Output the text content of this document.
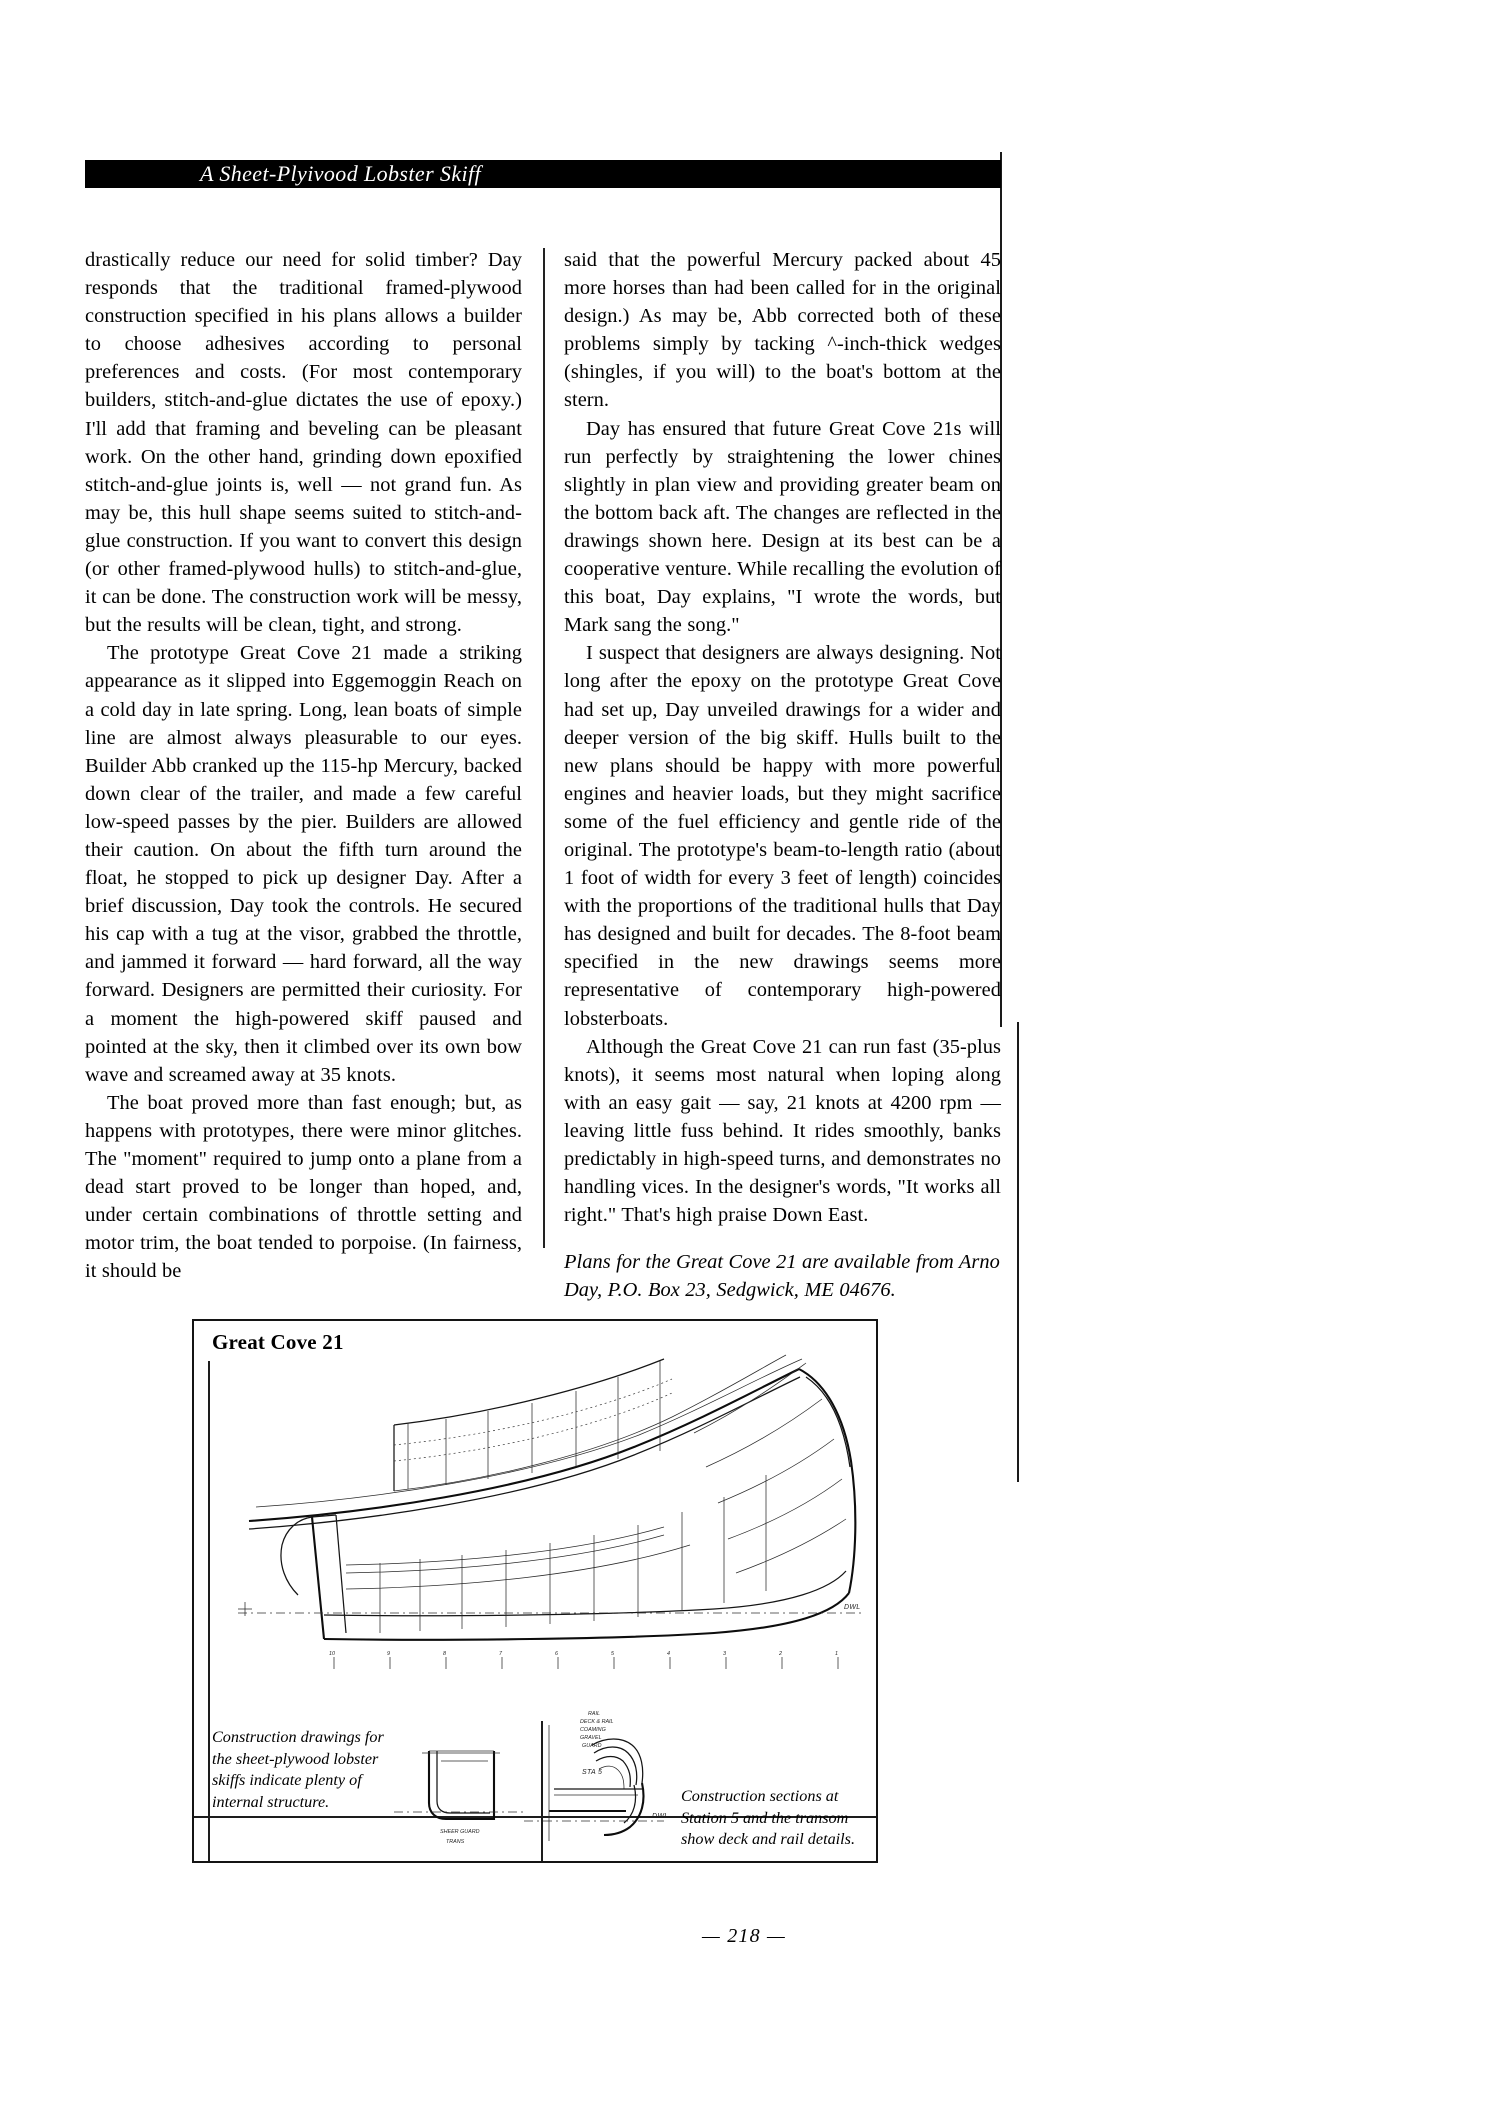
A Sheet-Plyivood Lobster Skiff

drastically reduce our need for solid timber? Day responds that the traditional framed-plywood construction specified in his plans allows a builder to choose adhesives according to personal preferences and costs. (For most contemporary builders, stitch-and-glue dictates the use of epoxy.) I'll add that framing and beveling can be pleasant work. On the other hand, grinding down epoxified stitch-and-glue joints is, well — not grand fun. As may be, this hull shape seems suited to stitch-and-glue construction. If you want to convert this design (or other framed-plywood hulls) to stitch-and-glue, it can be done. The construction work will be messy, but the results will be clean, tight, and strong.

The prototype Great Cove 21 made a striking appearance as it slipped into Eggemoggin Reach on a cold day in late spring. Long, lean boats of simple line are almost always pleasurable to our eyes. Builder Abb cranked up the 115-hp Mercury, backed down clear of the trailer, and made a few careful low-speed passes by the pier. Builders are allowed their caution. On about the fifth turn around the float, he stopped to pick up designer Day. After a brief discussion, Day took the controls. He secured his cap with a tug at the visor, grabbed the throttle, and jammed it forward — hard forward, all the way forward. Designers are permitted their curiosity. For a moment the high-powered skiff paused and pointed at the sky, then it climbed over its own bow wave and screamed away at 35 knots.

The boat proved more than fast enough; but, as happens with prototypes, there were minor glitches. The "moment" required to jump onto a plane from a dead start proved to be longer than hoped, and, under certain combinations of throttle setting and motor trim, the boat tended to porpoise. (In fairness, it should be

said that the powerful Mercury packed about 45 more horses than had been called for in the original design.) As may be, Abb corrected both of these problems simply by tacking ^-inch-thick wedges (shingles, if you will) to the boat's bottom at the stern.

Day has ensured that future Great Cove 21s will run perfectly by straightening the lower chines slightly in plan view and providing greater beam on the bottom back aft. The changes are reflected in the drawings shown here. Design at its best can be a cooperative venture. While recalling the evolution of this boat, Day explains, "I wrote the words, but Mark sang the song."

I suspect that designers are always designing. Not long after the epoxy on the prototype Great Cove had set up, Day unveiled drawings for a wider and deeper version of the big skiff. Hulls built to the new plans should be happy with more powerful engines and heavier loads, but they might sacrifice some of the fuel efficiency and gentle ride of the original. The prototype's beam-to-length ratio (about 1 foot of width for every 3 feet of length) coincides with the proportions of the traditional hulls that Day has designed and built for decades. The 8-foot beam specified in the new drawings seems more representative of contemporary high-powered lobsterboats.

Although the Great Cove 21 can run fast (35-plus knots), it seems most natural when loping along with an easy gait — say, 21 knots at 4200 rpm — leaving little fuss behind. It rides smoothly, banks predictably in high-speed turns, and demonstrates no handling vices. In the designer's words, "It works all right." That's high praise Down East.

Plans for the Great Cove 21 are available from Arno Day, P.O. Box 23, Sedgwick, ME 04676.

Great Cove 21
DWL
10	9	8	7	6	5	4	3	2	1
SHEER GUARD
TRANS
DWL
STA 5
RAIL
DECK & RAIL
COAMING
GRAVEL
GUARD
Construction drawings for the sheet-plywood lobster skiffs indicate plenty of internal structure.	Construction sections at Station 5 and the transom show deck and rail details.
— 218 —
